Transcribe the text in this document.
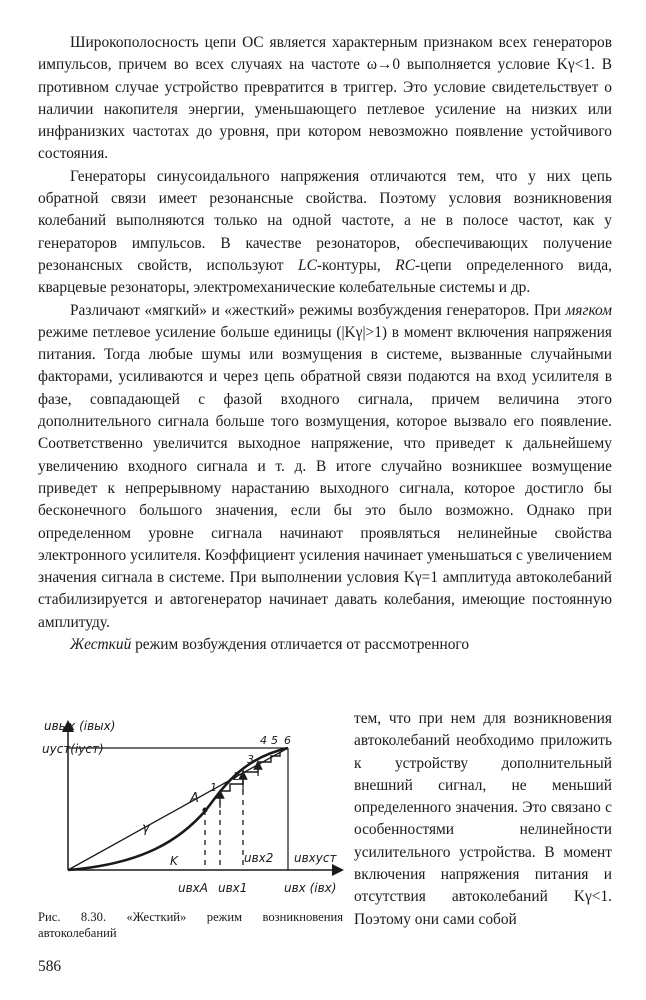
Широкополосность цепи ОС является характерным признаком всех генераторов импульсов, причем во всех случаях на частоте ω→0 выполняется условие Kγ<1. В противном случае устройство превратится в триггер. Это условие свидетельствует о наличии накопителя энергии, уменьшающего петлевое усиление на низких или инфранизких частотах до уровня, при котором невозможно появление устойчивого состояния.

Генераторы синусоидального напряжения отличаются тем, что у них цепь обратной связи имеет резонансные свойства. Поэтому условия возникновения колебаний выполняются только на одной частоте, а не в полосе частот, как у генераторов импульсов. В качестве резонаторов, обеспечивающих получение резонансных свойств, используют LC-контуры, RC-цепи определенного вида, кварцевые резонаторы, электромеханические колебательные системы и др.

Различают «мягкий» и «жесткий» режимы возбуждения генераторов. При мягком режиме петлевое усиление больше единицы (|Kγ|>1) в момент включения напряжения питания. Тогда любые шумы или возмущения в системе, вызванные случайными факторами, усиливаются и через цепь обратной связи подаются на вход усилителя в фазе, совпадающей с фазой входного сигнала, причем величина этого дополнительного сигнала больше того возмущения, которое вызвало его появление. Соответственно увеличится выходное напряжение, что приведет к дальнейшему увеличению входного сигнала и т. д. В итоге случайно возникшее возмущение приведет к непрерывному нарастанию выходного сигнала, которое достигло бы бесконечного большого значения, если бы это было возможно. Однако при определенном уровне сигнала начинают проявляться нелинейные свойства электронного усилителя. Коэффициент усиления начинает уменьшаться с увеличением значения сигнала в системе. При выполнении условия Kγ=1 амплитуда автоколебаний стабилизируется и автогенератор начинает давать колебания, имеющие постоянную амплитуду.

Жесткий режим возбуждения отличается от рассмотренного

uвых (iвых)
uуст(iуст)
uвх (iвх)
uвхA uвх1
uвх2 uвхуст
A
γ
K
1
2
3
4 5 6
тем, что при нем для возникновения автоколебаний необходимо приложить к устройству дополнительный внешний сигнал, не меньший определенного значения. Это связано с особенностями нелинейности усилительного устройства. В момент включения напряжения питания и отсутствия автоколебаний Kγ<1. Поэтому они сами собой
Рис. 8.30. «Жесткий» режим возникновения автоколебаний
586
